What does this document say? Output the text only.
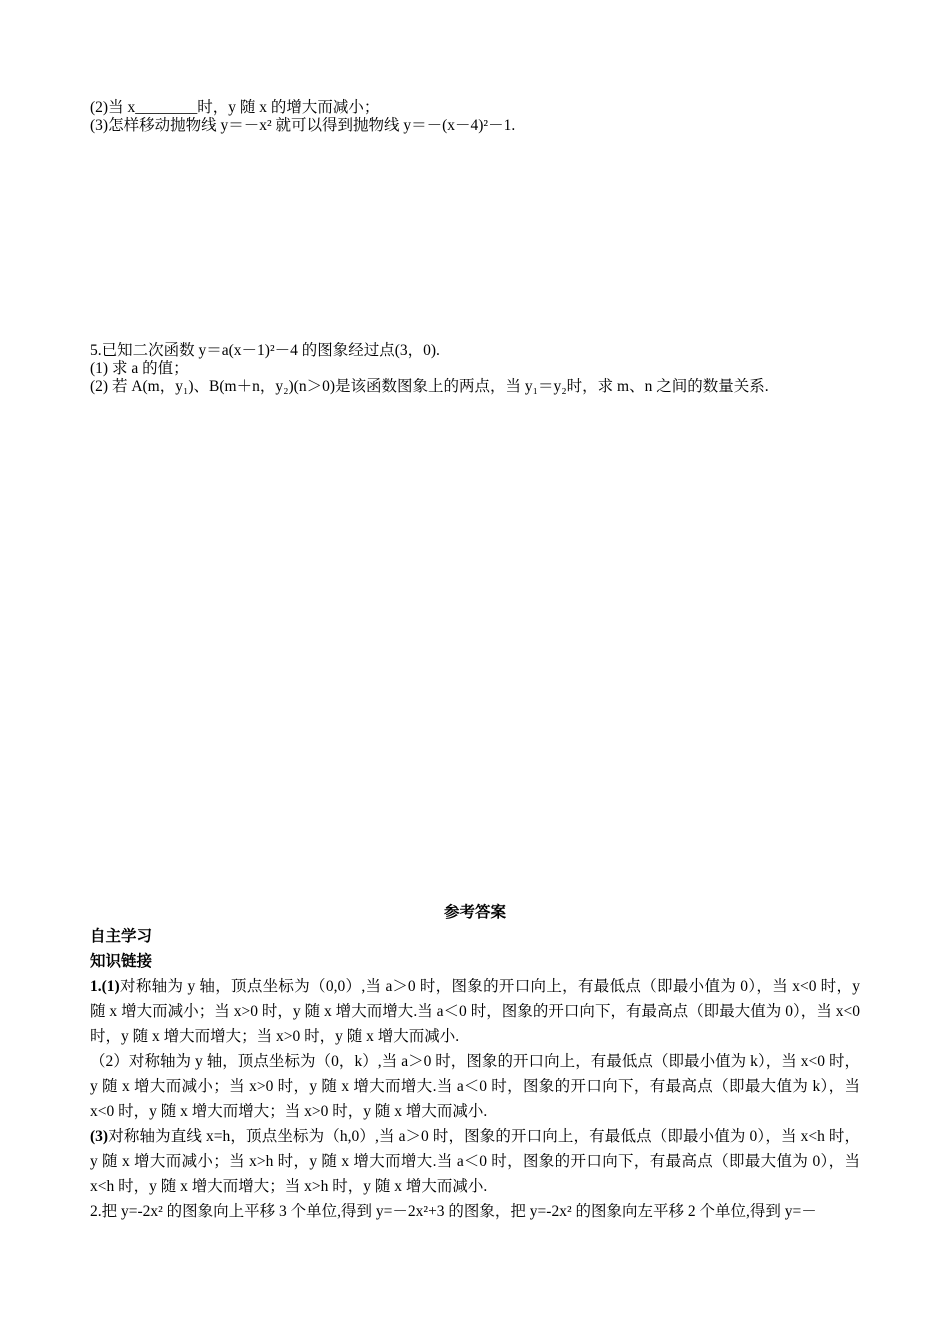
(2)当 x________时，y 随 x 的增大而减小；
(3)怎样移动抛物线 y＝－x² 就可以得到抛物线 y＝－(x－4)²－1.
5.已知二次函数 y＝a(x－1)²－4 的图象经过点(3，0).
(1) 求 a 的值；
(2) 若 A(m，y₁)、B(m＋n，y₂)(n＞0)是该函数图象上的两点，当 y₁＝y₂时，求 m、n 之间的数量关系.
参考答案
自主学习
知识链接
1.(1)对称轴为 y 轴，顶点坐标为（0,0）,当 a＞0 时，图象的开口向上，有最低点（即最小值为 0），当 x<0 时，y 随 x 增大而减小；当 x>0 时，y 随 x 增大而增大.当 a＜0 时，图象的开口向下，有最高点（即最大值为 0），当 x<0 时，y 随 x 增大而增大；当 x>0 时，y 随 x 增大而减小.
（2）对称轴为 y 轴，顶点坐标为（0，k）,当 a＞0 时，图象的开口向上，有最低点（即最小值为 k），当 x<0 时，y 随 x 增大而减小；当 x>0 时，y 随 x 增大而增大.当 a＜0 时，图象的开口向下，有最高点（即最大值为 k），当 x<0 时，y 随 x 增大而增大；当 x>0 时，y 随 x 增大而减小.
(3)对称轴为直线 x=h，顶点坐标为（h,0）,当 a＞0 时，图象的开口向上，有最低点（即最小值为 0），当 x<h 时，y 随 x 增大而减小；当 x>h 时，y 随 x 增大而增大.当 a＜0 时，图象的开口向下，有最高点（即最大值为 0），当 x<h 时，y 随 x 增大而增大；当 x>h 时，y 随 x 增大而减小.
2.把 y=-2x² 的图象向上平移 3 个单位,得到 y=－2x²+3 的图象，把 y=-2x² 的图象向左平移 2 个单位,得到 y=－
